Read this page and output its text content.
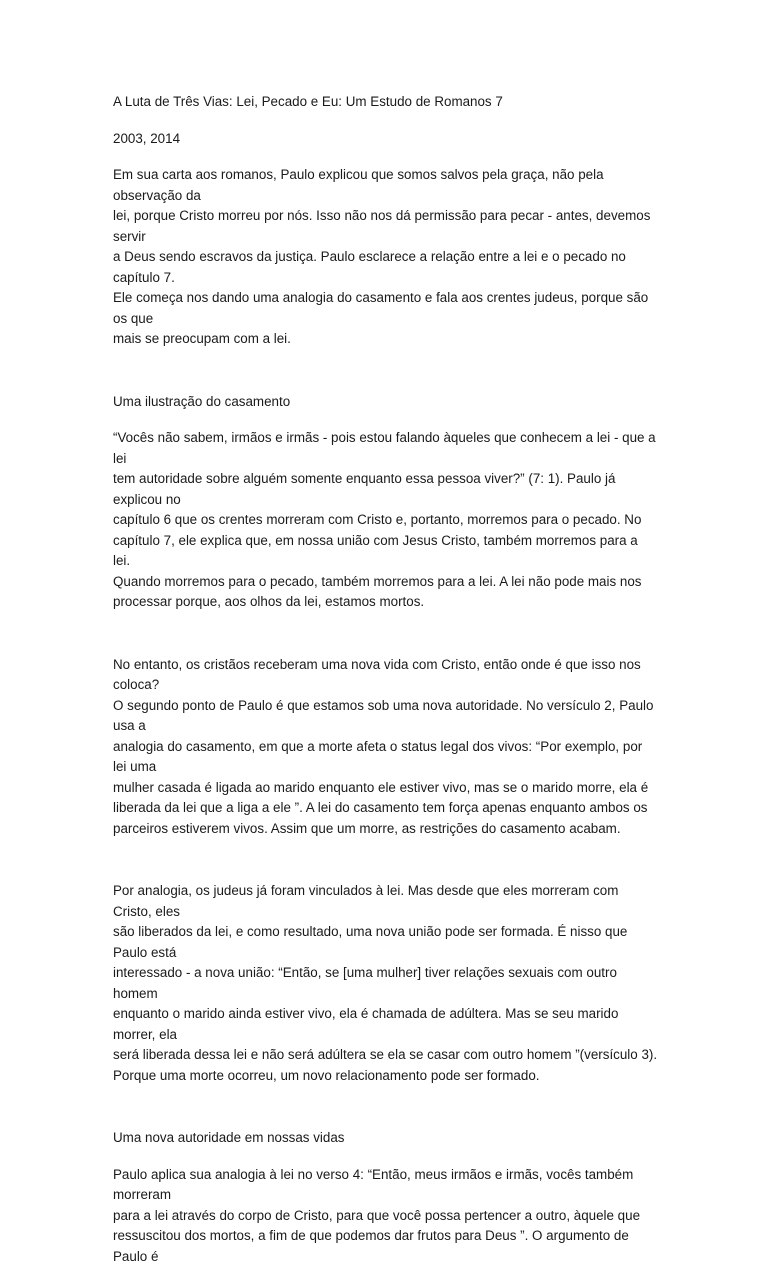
A Luta de Três Vias: Lei, Pecado e Eu: Um Estudo de Romanos 7

2003, 2014

Em sua carta aos romanos, Paulo explicou que somos salvos pela graça, não pela observação da

lei, porque Cristo morreu por nós. Isso não nos dá permissão para pecar - antes, devemos servir

a Deus sendo escravos da justiça. Paulo esclarece a relação entre a lei e o pecado no capítulo 7.

Ele começa nos dando uma analogia do casamento e fala aos crentes judeus, porque são os que

mais se preocupam com a lei.

Uma ilustração do casamento

“Vocês não sabem, irmãos e irmãs - pois estou falando àqueles que conhecem a lei - que a lei

tem autoridade sobre alguém somente enquanto essa pessoa viver?” (7: 1). Paulo já explicou no

capítulo 6 que os crentes morreram com Cristo e, portanto, morremos para o pecado. No

capítulo 7, ele explica que, em nossa união com Jesus Cristo, também morremos para a lei.

Quando morremos para o pecado, também morremos para a lei. A lei não pode mais nos

processar porque, aos olhos da lei, estamos mortos.

No entanto, os cristãos receberam uma nova vida com Cristo, então onde é que isso nos coloca?

O segundo ponto de Paulo é que estamos sob uma nova autoridade. No versículo 2, Paulo usa a

analogia do casamento, em que a morte afeta o status legal dos vivos: “Por exemplo, por lei uma

mulher casada é ligada ao marido enquanto ele estiver vivo, mas se o marido morre, ela é

liberada da lei que a liga a ele ”. A lei do casamento tem força apenas enquanto ambos os

parceiros estiverem vivos. Assim que um morre, as restrições do casamento acabam.

Por analogia, os judeus já foram vinculados à lei. Mas desde que eles morreram com Cristo, eles

são liberados da lei, e como resultado, uma nova união pode ser formada. É nisso que Paulo está

interessado - a nova união: “Então, se [uma mulher] tiver relações sexuais com outro homem

enquanto o marido ainda estiver vivo, ela é chamada de adúltera. Mas se seu marido morrer, ela

será liberada dessa lei e não será adúltera se ela se casar com outro homem ”(versículo 3).

Porque uma morte ocorreu, um novo relacionamento pode ser formado.

Uma nova autoridade em nossas vidas

Paulo aplica sua analogia à lei no verso 4: “Então, meus irmãos e irmãs, vocês também morreram

para a lei através do corpo de Cristo, para que você possa pertencer a outro, àquele que

ressuscitou dos mortos, a fim de que podemos dar frutos para Deus ”. O argumento de Paulo é
